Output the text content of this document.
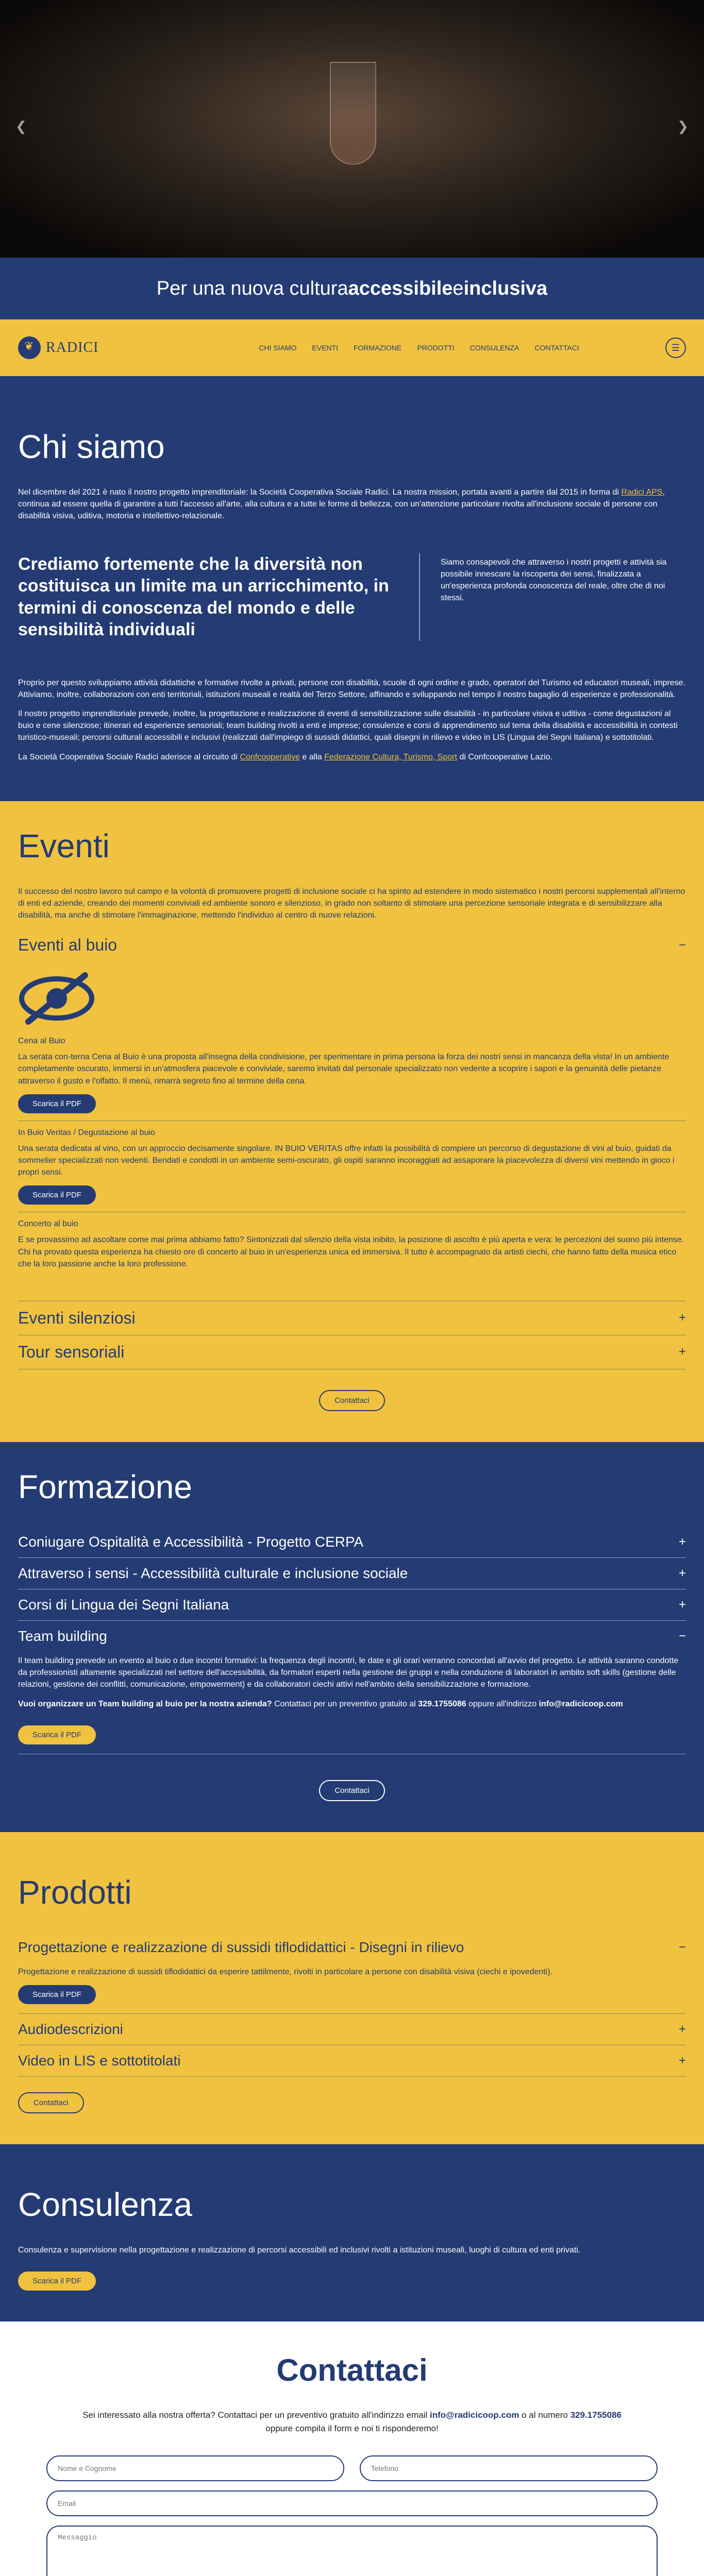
❮	❯
Per una nuova cultura accessibile e inclusiva
❦
RADICI	CHI SIAMO EVENTI FORMAZIONE PRODOTTI CONSULENZA CONTATTACI	☰
Chi siamo

Nel dicembre del 2021 è nato il nostro progetto imprenditoriale: la Società Cooperativa Sociale Radici. La nostra mission, portata avanti a partire dal 2015 in forma di Radici APS, continua ad essere quella di garantire a tutti l'accesso all'arte, alla cultura e a tutte le forme di bellezza, con un'attenzione particolare rivolta all'inclusione sociale di persone con disabilità visiva, uditiva, motoria e intellettivo-relazionale.

Crediamo fortemente che la diversità non costituisca un limite ma un arricchimento, in termini di conoscenza del mondo e delle sensibilità individuali
Siamo consapevoli che attraverso i nostri progetti e attività sia possibile innescare la riscoperta dei sensi, finalizzata a un'esperienza profonda conoscenza del reale, oltre che di noi stessi.

Proprio per questo sviluppiamo attività didattiche e formative rivolte a privati, persone con disabilità, scuole di ogni ordine e grado, operatori del Turismo ed educatori museali, imprese. Attiviamo, inoltre, collaborazioni con enti territoriali, istituzioni museali e realtà del Terzo Settore, affinando e sviluppando nel tempo il nostro bagaglio di esperienze e professionalità.

Il nostro progetto imprenditoriale prevede, inoltre, la progettazione e realizzazione di eventi di sensibilizzazione sulle disabilità - in particolare visiva e uditiva - come degustazioni al buio e cene silenziose; itinerari ed esperienze sensoriali; team building rivolti a enti e imprese; consulenze e corsi di apprendimento sul tema della disabilità e accessibilità in contesti turistico-museali; percorsi culturali accessibili e inclusivi (realizzati dall'impiego di sussidi didattici, quali disegni in rilievo e video in LIS (Lingua dei Segni Italiana) e sottotitolati.

La Società Cooperativa Sociale Radici aderisce al circuito di Confcooperative e alla Federazione Cultura, Turismo, Sport di Confcooperative Lazio.

Eventi

Il successo del nostro lavoro sul campo e la volontà di promuovere progetti di inclusione sociale ci ha spinto ad estendere in modo sistematico i nostri percorsi supplementali all'interno di enti ed aziende, creando dei momenti conviviali ed ambiente sonoro e silenzioso, in grado non soltanto di stimolare una percezione sensoriale integrata e di sensibilizzare alla disabilità, ma anche di stimolare l'immaginazione, mettendo l'individuo al centro di nuove relazioni.

Eventi al buio	−
Cena al Buio

La serata con-terna Cena al Buio è una proposta all'insegna della condivisione, per sperimentare in prima persona la forza dei nostri sensi in mancanza della vista! In un ambiente completamente oscurato, immersi in un'atmosfera piacevole e conviviale, saremo invitati dal personale specializzato non vedente a scoprire i sapori e la genuinità delle pietanze attraverso il gusto e l'olfatto. Il menù, rimarrà segreto fino al termine della cena.

Scarica il PDF
In Buio Veritas / Degustazione al buio

Una serata dedicata al vino, con un approccio decisamente singolare. IN BUIO VERITAS offre infatti la possibilità di compiere un percorso di degustazione di vini al buio, guidati da sommelier specializzati non vedenti. Bendati e condotti in un ambiente semi-oscurato, gli ospiti saranno incoraggiati ad assaporare la piacevolezza di diversi vini mettendo in gioco i propri sensi.

Scarica il PDF
Concerto al buio

E se provassimo ad ascoltare come mai prima abbiamo fatto? Sintonizzati dal silenzio della vista inibito, la posizione di ascolto è più aperta e vera: le percezioni del suono più intense. Chi ha provato questa esperienza ha chiesto ore di concerto al buio in un'esperienza unica ed immersiva. Il tutto è accompagnato da artisti ciechi, che hanno fatto della musica etico che la loro passione anche la loro professione.

Eventi silenziosi	+
Tour sensoriali	+
Contattaci
Formazione
Coniugare Ospitalità e Accessibilità - Progetto CERPA	+
Attraverso i sensi - Accessibilità culturale e inclusione sociale	+
Corsi di Lingua dei Segni Italiana	+
Team building	−

Il team building prevede un evento al buio o due incontri formativi: la frequenza degli incontri, le date e gli orari verranno concordati all'avvio del progetto. Le attività saranno condotte da professionisti altamente specializzati nel settore dell'accessibilità, da formatori esperti nella gestione dei gruppi e nella conduzione di laboratori in ambito soft skills (gestione delle relazioni, gestione dei conflitti, comunicazione, empowerment) e da collaboratori ciechi attivi nell'ambito della sensibilizzazione e formazione.

Vuoi organizzare un Team building al buio per la nostra azienda? Contattaci per un preventivo gratuito al 329.1755086 oppure all'indirizzo info@radicicoop.com

Scarica il PDF
Contattaci
Prodotti
Progettazione e realizzazione di sussidi tiflodidattici - Disegni in rilievo	−

Progettazione e realizzazione di sussidi tiflodidattici da esperire tattilmente, rivolti in particolare a persone con disabilità visiva (ciechi e ipovedenti).

Scarica il PDF
Audiodescrizioni	+
Video in LIS e sottotitolati	+
Contattaci
Consulenza

Consulenza e supervisione nella progettazione e realizzazione di percorsi accessibili ed inclusivi rivolti a istituzioni museali, luoghi di cultura ed enti privati.

Scarica il PDF
Contattaci

Sei interessato alla nostra offerta? Contattaci per un preventivo gratuito all'indirizzo email info@radicicoop.com o al numero 329.1755086
oppure compila il form e noi ti risponderemo!

Nome e Cognome
Telefono
Email
Messaggio
